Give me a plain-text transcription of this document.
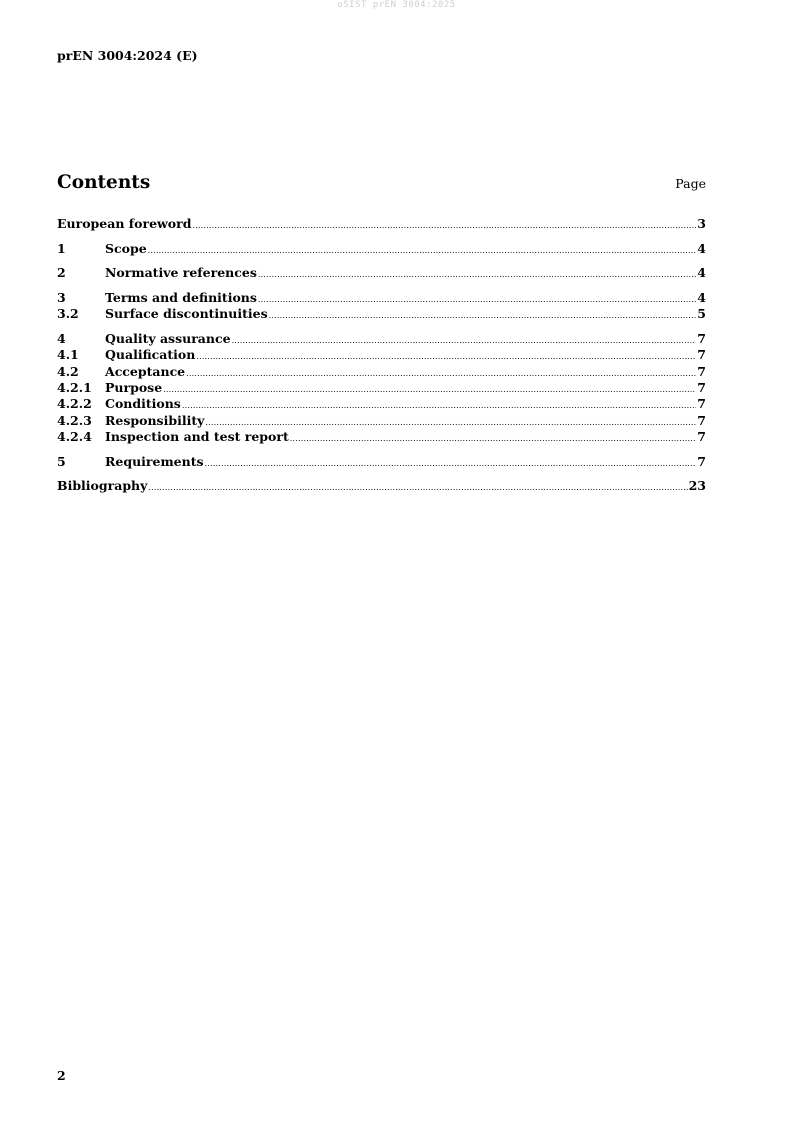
oSIST prEN 3004:2025
prEN 3004:2024 (E)
Contents	Page
European foreword .....	3
1	Scope .....	4
2	Normative references .....	4
3	Terms and definitions .....	4
3.2	Surface discontinuities .....	5
4	Quality assurance .....	7
4.1	Qualification .....	7
4.2	Acceptance .....	7
4.2.1	Purpose .....	7
4.2.2	Conditions .....	7
4.2.3	Responsibility .....	7
4.2.4	Inspection and test report .....	7
5	Requirements .....	7
Bibliography .....	23
2
